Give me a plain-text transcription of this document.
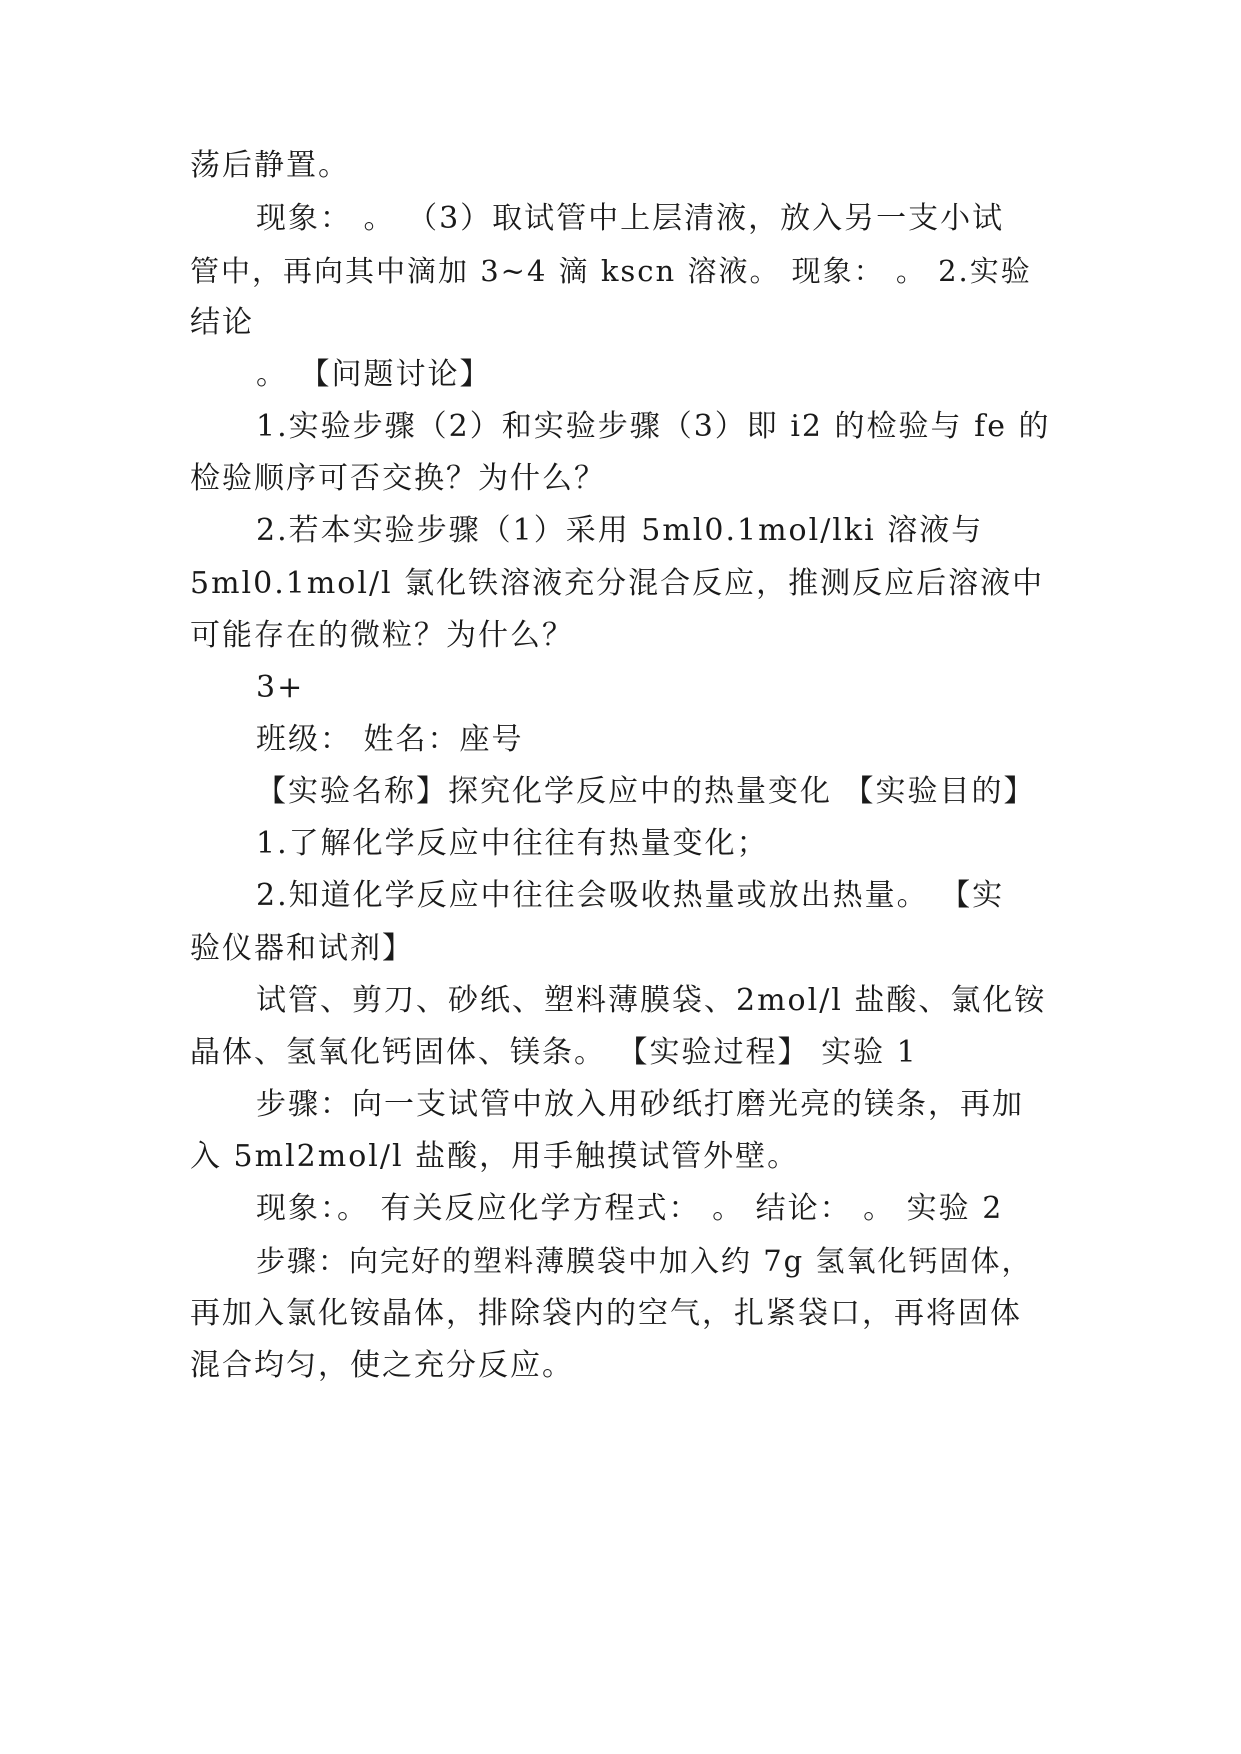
荡后静置。
现象： 。 （3）取试管中上层清液，放入另一支小试
管中，再向其中滴加 3~4 滴 kscn 溶液。 现象： 。 2.实验
结论
。 【问题讨论】
1.实验步骤（2）和实验步骤（3）即 i2 的检验与 fe 的
检验顺序可否交换？为什么？
2.若本实验步骤（1）采用 5ml0.1mol/lki 溶液与
5ml0.1mol/l 氯化铁溶液充分混合反应，推测反应后溶液中
可能存在的微粒？为什么？
3+
班级： 姓名：座号
【实验名称】探究化学反应中的热量变化 【实验目的】
1.了解化学反应中往往有热量变化；
2.知道化学反应中往往会吸收热量或放出热量。 【实
验仪器和试剂】
试管、剪刀、砂纸、塑料薄膜袋、2mol/l 盐酸、氯化铵
晶体、氢氧化钙固体、镁条。 【实验过程】 实验 1
步骤：向一支试管中放入用砂纸打磨光亮的镁条，再加
入 5ml2mol/l 盐酸，用手触摸试管外壁。
现象：。 有关反应化学方程式： 。 结论： 。 实验 2
步骤：向完好的塑料薄膜袋中加入约 7g 氢氧化钙固体，
再加入氯化铵晶体，排除袋内的空气，扎紧袋口，再将固体
混合均匀，使之充分反应。
